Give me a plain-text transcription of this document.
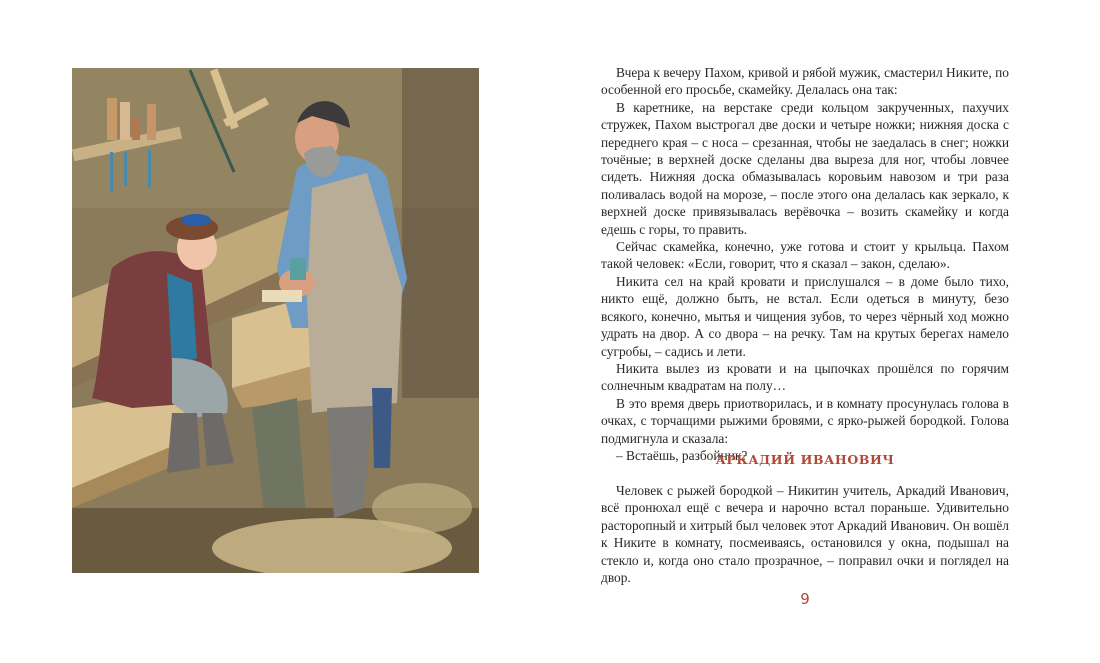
Вчера к вечеру Пахом, кривой и рябой мужик, смастерил Никите, по особенной его просьбе, скамейку. Делалась она так:

В каретнике, на верстаке среди кольцом закрученных, пахучих стружек, Пахом выстрогал две доски и четыре ножки; нижняя доска с переднего края – с носа – срезанная, чтобы не заедалась в снег; ножки точёные; в верхней доске сделаны два выреза для ног, чтобы ловчее сидеть. Нижняя доска обмазывалась коровьим навозом и три раза поливалась водой на морозе, – после этого она делалась как зеркало, к верхней доске привязывалась верёвочка – возить скамейку и когда едешь с горы, то править.

Сейчас скамейка, конечно, уже готова и стоит у крыльца. Пахом такой человек: «Если, говорит, что я сказал – закон, сделаю».

Никита сел на край кровати и прислушался – в доме было тихо, никто ещё, должно быть, не встал. Если одеться в минуту, безо всякого, конечно, мытья и чищения зубов, то через чёрный ход можно удрать на двор. А со двора – на речку. Там на крутых берегах намело сугробы, – садись и лети.

Никита вылез из кровати и на цыпочках прошёлся по горячим солнечным квадратам на полу…

В это время дверь приотворилась, и в комнату просунулась голова в очках, с торчащими рыжими бровями, с ярко-рыжей бородкой. Голова подмигнула и сказала:

– Встаёшь, разбойник?

АРКАДИЙ ИВАНОВИЧ

Человек с рыжей бородкой – Никитин учитель, Аркадий Иванович, всё пронюхал ещё с вечера и нарочно встал пораньше. Удивительно расторопный и хитрый был человек этот Аркадий Иванович. Он вошёл к Никите в комнату, посмеиваясь, остановился у окна, подышал на стекло и, когда оно стало прозрачное, – поправил очки и поглядел на двор.

9
